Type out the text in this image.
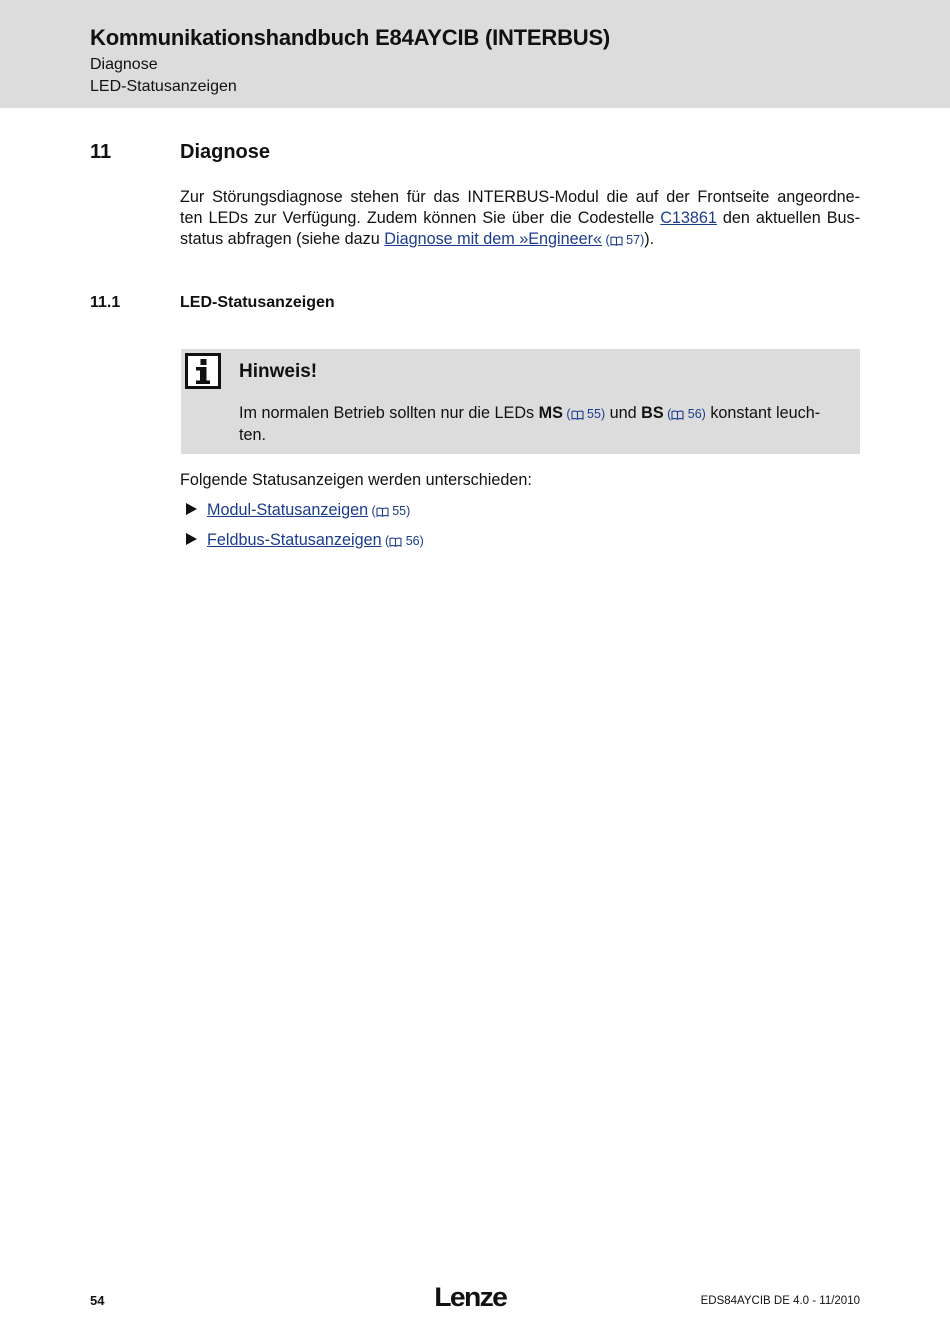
Kommunikationshandbuch E84AYCIB (INTERBUS)
Diagnose
LED-Statusanzeigen
11	Diagnose
Zur Störungsdiagnose stehen für das INTERBUS-Modul die auf der Frontseite angeordne-
ten LEDs zur Verfügung. Zudem können Sie über die Codestelle C13861 den aktuellen Bus-
status abfragen (siehe dazu Diagnose mit dem »Engineer« ( 57)).
11.1	LED-Statusanzeigen
Hinweis!
Im normalen Betrieb sollten nur die LEDs MS ( 55) und BS ( 56) konstant leuch-
ten.
Folgende Statusanzeigen werden unterschieden:
Modul-Statusanzeigen ( 55)
Feldbus-Statusanzeigen ( 56)
54	Lenze	EDS84AYCIB DE 4.0 - 11/2010
